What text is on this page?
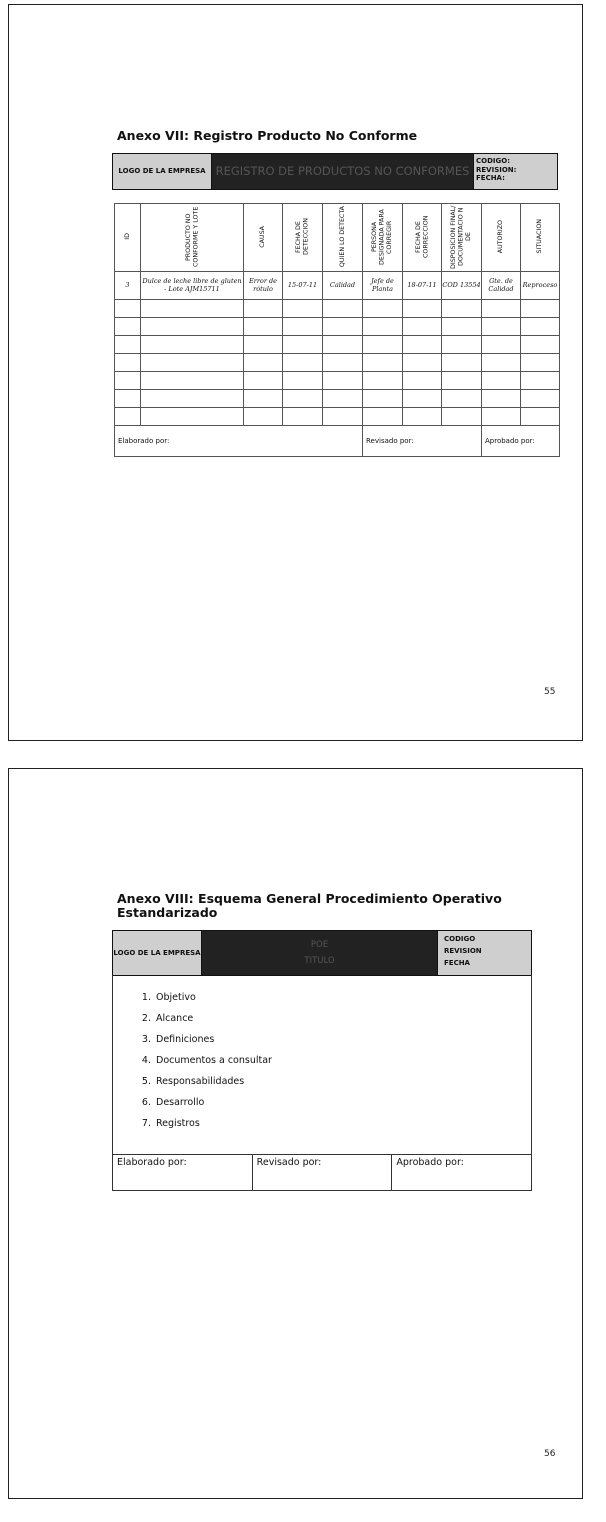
Anexo VII: Registro Producto No Conforme
LOGO DE LA EMPRESA REGISTRO DE PRODUCTOS NO CONFORMES
CODIGO:
REVISION:
FECHA:
ID	PRODUCTO NO CONFORME Y LOTE	CAUSA	FECHA DE DETECCION	QUIEN LO DETECTA	PERSONA DESIGNADA PARA CORREGIR	FECHA DE CORRECCION	DISPOSICION FINAL/ DOCUMENTACIO N DE	AUTORIZO	SITUACION
3	Dulce de leche libre de gluten - Lote AJM15711	Error de rótulo	15-07-11	Calidad	Jefe de Planta	18-07-11	COD 13554	Gte. de Calidad	Reproceso

Elaborado por:					Revisado por:			Aprobado por:	
55
Anexo VIII: Esquema General Procedimiento Operativo Estandarizado
LOGO DE LA EMPRESA
POE
TITULO
CODIGO
REVISION
FECHA
1. Objetivo
2. Alcance
3. Definiciones
4. Documentos a consultar
5. Responsabilidades
6. Desarrollo
7. Registros
Elaborado por:	Revisado por:	Aprobado por:
56
